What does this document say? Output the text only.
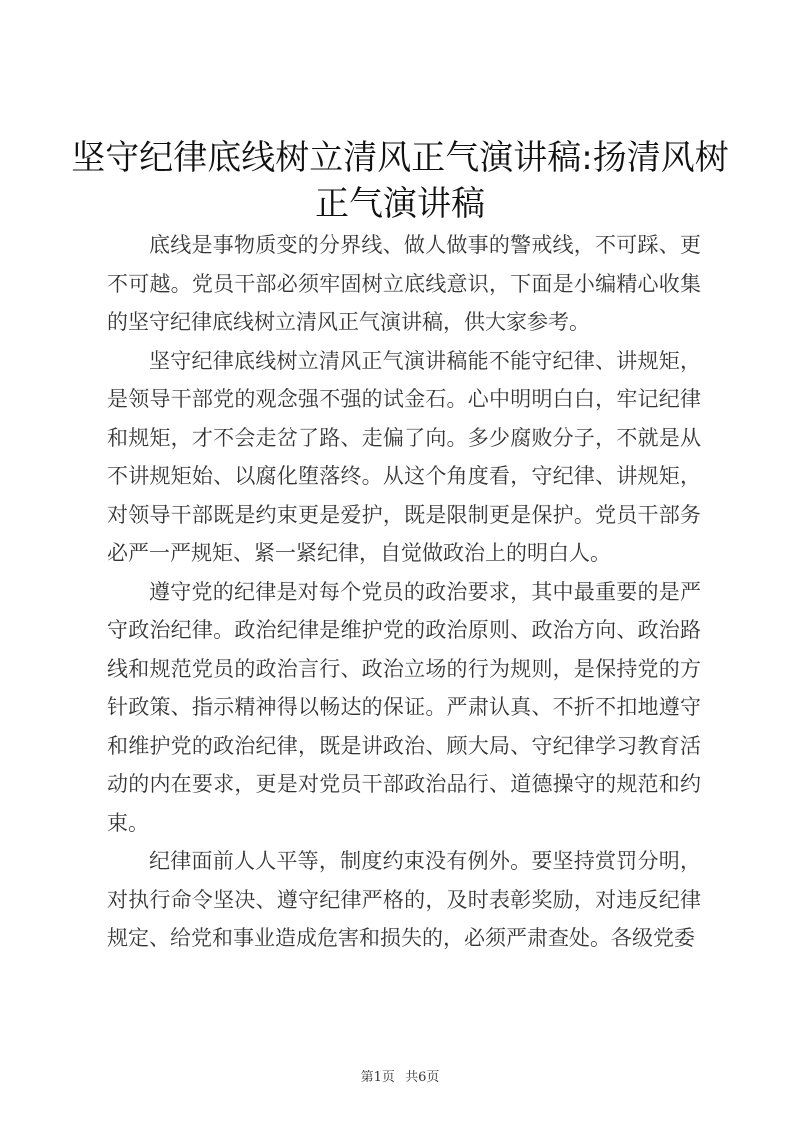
坚守纪律底线树立清风正气演讲稿:扬清风树
正气演讲稿
底线是事物质变的分界线、做人做事的警戒线，不可踩、更
不可越。党员干部必须牢固树立底线意识，下面是小编精心收集
的坚守纪律底线树立清风正气演讲稿，供大家参考。
坚守纪律底线树立清风正气演讲稿能不能守纪律、讲规矩，
是领导干部党的观念强不强的试金石。心中明明白白，牢记纪律
和规矩，才不会走岔了路、走偏了向。多少腐败分子，不就是从
不讲规矩始、以腐化堕落终。从这个角度看，守纪律、讲规矩，
对领导干部既是约束更是爱护，既是限制更是保护。党员干部务
必严一严规矩、紧一紧纪律，自觉做政治上的明白人。
遵守党的纪律是对每个党员的政治要求，其中最重要的是严
守政治纪律。政治纪律是维护党的政治原则、政治方向、政治路
线和规范党员的政治言行、政治立场的行为规则，是保持党的方
针政策、指示精神得以畅达的保证。严肃认真、不折不扣地遵守
和维护党的政治纪律，既是讲政治、顾大局、守纪律学习教育活
动的内在要求，更是对党员干部政治品行、道德操守的规范和约
束。
纪律面前人人平等，制度约束没有例外。要坚持赏罚分明，
对执行命令坚决、遵守纪律严格的，及时表彰奖励，对违反纪律
规定、给党和事业造成危害和损失的，必须严肃查处。各级党委
第1页 共6页
